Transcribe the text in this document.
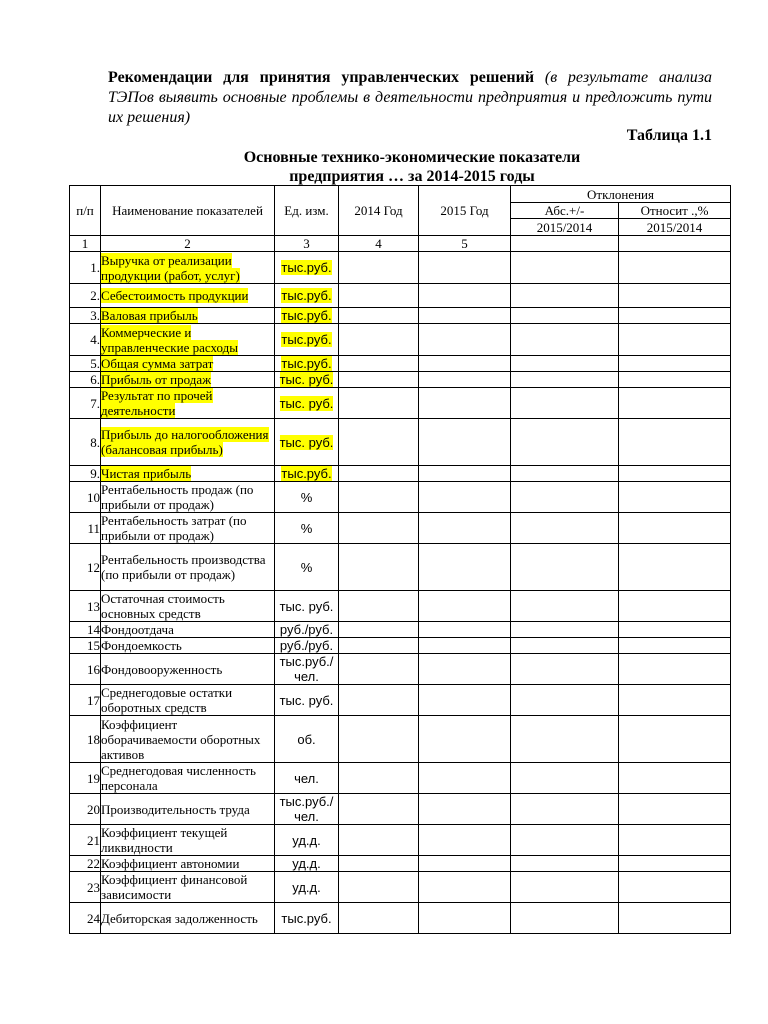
Рекомендации для принятия управленческих решений (в результате анализа ТЭПов выявить основные проблемы в деятельности предприятия и предложить пути их решения)
Таблица 1.1
Основные технико-экономические показатели
предприятия … за 2014-2015 годы
п/п	Наименование показателей	Ед. изм.	2014 Год	2015 Год	Отклонения	
					Абс.+/-	Относит .,%
					2015/2014	2015/2014
1	2	3	4	5		
1.	Выручка от реализации продукции (работ, услуг)	тыс.руб.				
2.	Себестоимость продукции	тыс.руб.				
3.	Валовая прибыль	тыс.руб.				
4.	Коммерческие и управленческие расходы	тыс.руб.				
5.	Общая сумма затрат	тыс.руб.				
6.	Прибыль от продаж	тыс. руб.				
7.	Результат по прочей деятельности	тыс. руб.				
8.	Прибыль до налогообложения (балансовая прибыль)	тыс. руб.				
9.	Чистая прибыль	тыс.руб.				
10	Рентабельность продаж (по прибыли от продаж)	%				
11	Рентабельность затрат (по прибыли от продаж)	%				
12	Рентабельность производства (по прибыли от продаж)	%				
13	Остаточная стоимость основных средств	тыс. руб.				
14	Фондоотдача	руб./руб.				
15	Фондоемкость	руб./руб.				
16	Фондовооруженность	тыс.руб./ чел.				
17	Среднегодовые остатки оборотных средств	тыс. руб.				
18	Коэффициент оборачиваемости оборотных активов	об.				
19	Среднегодовая численность персонала	чел.				
20	Производительность труда	тыс.руб./ чел.				
21	Коэффициент текущей ликвидности	уд.д.				
22	Коэффициент автономии	уд.д.				
23	Коэффициент финансовой зависимости	уд.д.				
24	Дебиторская задолженность	тыс.руб.				
